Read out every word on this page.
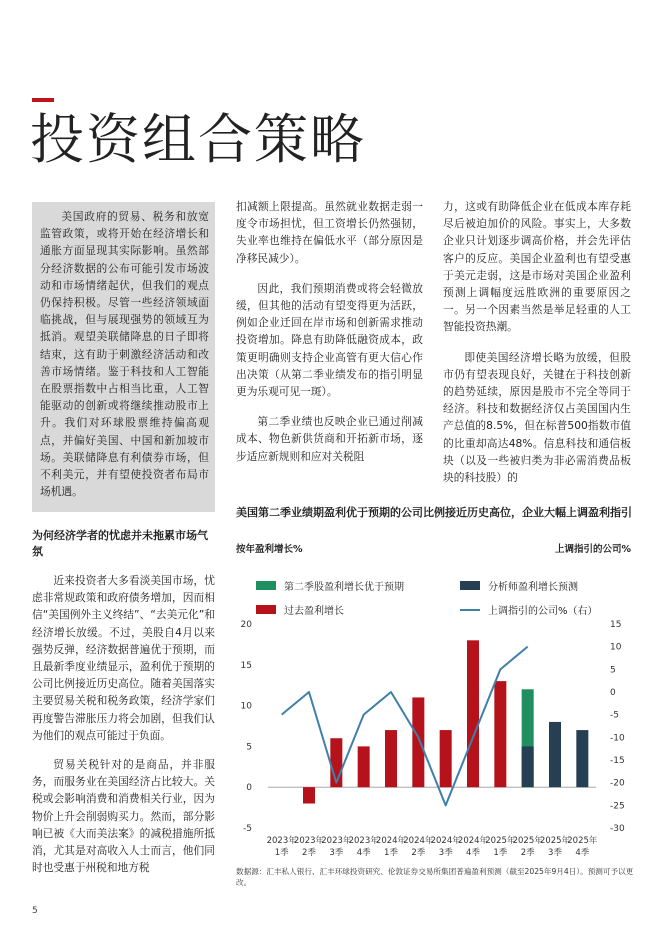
投资组合策略

美国政府的贸易、税务和放宽监管政策，或将开始在经济增长和通胀方面显现其实际影响。虽然部分经济数据的公布可能引发市场波动和市场情绪起伏，但我们的观点仍保持积极。尽管一些经济领域面临挑战，但与展现强势的领域互为抵消。观望美联储降息的日子即将结束，这有助于刺激经济活动和改善市场情绪。鉴于科技和人工智能在股票指数中占相当比重，人工智能驱动的创新或将继续推动股市上升。我们对环球股票维持偏高观点，并偏好美国、中国和新加坡市场。美联储降息有利债券市场，但不利美元，并有望使投资者布局市场机遇。

为何经济学者的忧虑并未拖累市场气氛

近来投资者大多看淡美国市场，忧虑非常规政策和政府债务增加，因而相信“美国例外主义终结”、“去美元化”和经济增长放缓。不过，美股自4月以来强势反弹，经济数据普遍优于预期，而且最新季度业绩显示，盈利优于预期的公司比例接近历史高位。随着美国落实主要贸易关税和税务政策，经济学家们再度警告滞胀压力将会加剧，但我们认为他们的观点可能过于负面。

贸易关税针对的是商品，并非服务，而服务业在美国经济占比较大。关税或会影响消费和消费相关行业，因为物价上升会削弱购买力。然而，部分影响已被《大而美法案》的减税措施所抵消，尤其是对高收入人士而言，他们同时也受惠于州税和地方税

扣减额上限提高。虽然就业数据走弱一度令市场担忧，但工资增长仍然强韧，失业率也维持在偏低水平（部分原因是净移民减少）。

因此，我们预期消费或将会轻微放缓，但其他的活动有望变得更为活跃，例如企业迁回在岸市场和创新需求推动投资增加。降息有助降低融资成本，政策更明确则支持企业高管有更大信心作出决策（从第二季业绩发布的指引明显更为乐观可见一斑）。

第二季业绩也反映企业已通过削减成本、物色新供货商和开拓新市场，逐步适应新规则和应对关税阻

力，这或有助降低企业在低成本库存耗尽后被迫加价的风险。事实上，大多数企业只计划逐步调高价格，并会先评估客户的反应。美国企业盈利也有望受惠于美元走弱，这是市场对美国企业盈利预测上调幅度远胜欧洲的重要原因之一。另一个因素当然是举足轻重的人工智能投资热潮。

即使美国经济增长略为放缓，但股市仍有望表现良好，关键在于科技创新的趋势延续，原因是股市不完全等同于经济。科技和数据经济仅占美国国内生产总值的8.5%，但在标普500指数市值的比重却高达48%。信息科技和通信板块（以及一些被归类为非必需消费品板块的科技股）的

美国第二季业绩期盈利优于预期的公司比例接近历史高位，企业大幅上调盈利指引

按年盈利增长%	上调指引的公司%
-5
0
5
10
15
20
-30
-25
-20
-15
-10
-5
0
5
10
15
2023年
1季
2023年
2季
2023年
3季
2023年
4季
2024年
1季
2024年
2季
2024年
3季
2024年
4季
2025年
1季
2025年
2季
2025年
3季
2025年
4季
第二季股盈利增长优于预期	分析师盈利增长预测
过去盈利增长	上调指引的公司%（右）

数据源：汇丰私人银行、汇丰环球投资研究、伦敦证券交易所集团普遍盈利预测（截至2025年9月4日）。预测可予以更改。

5
